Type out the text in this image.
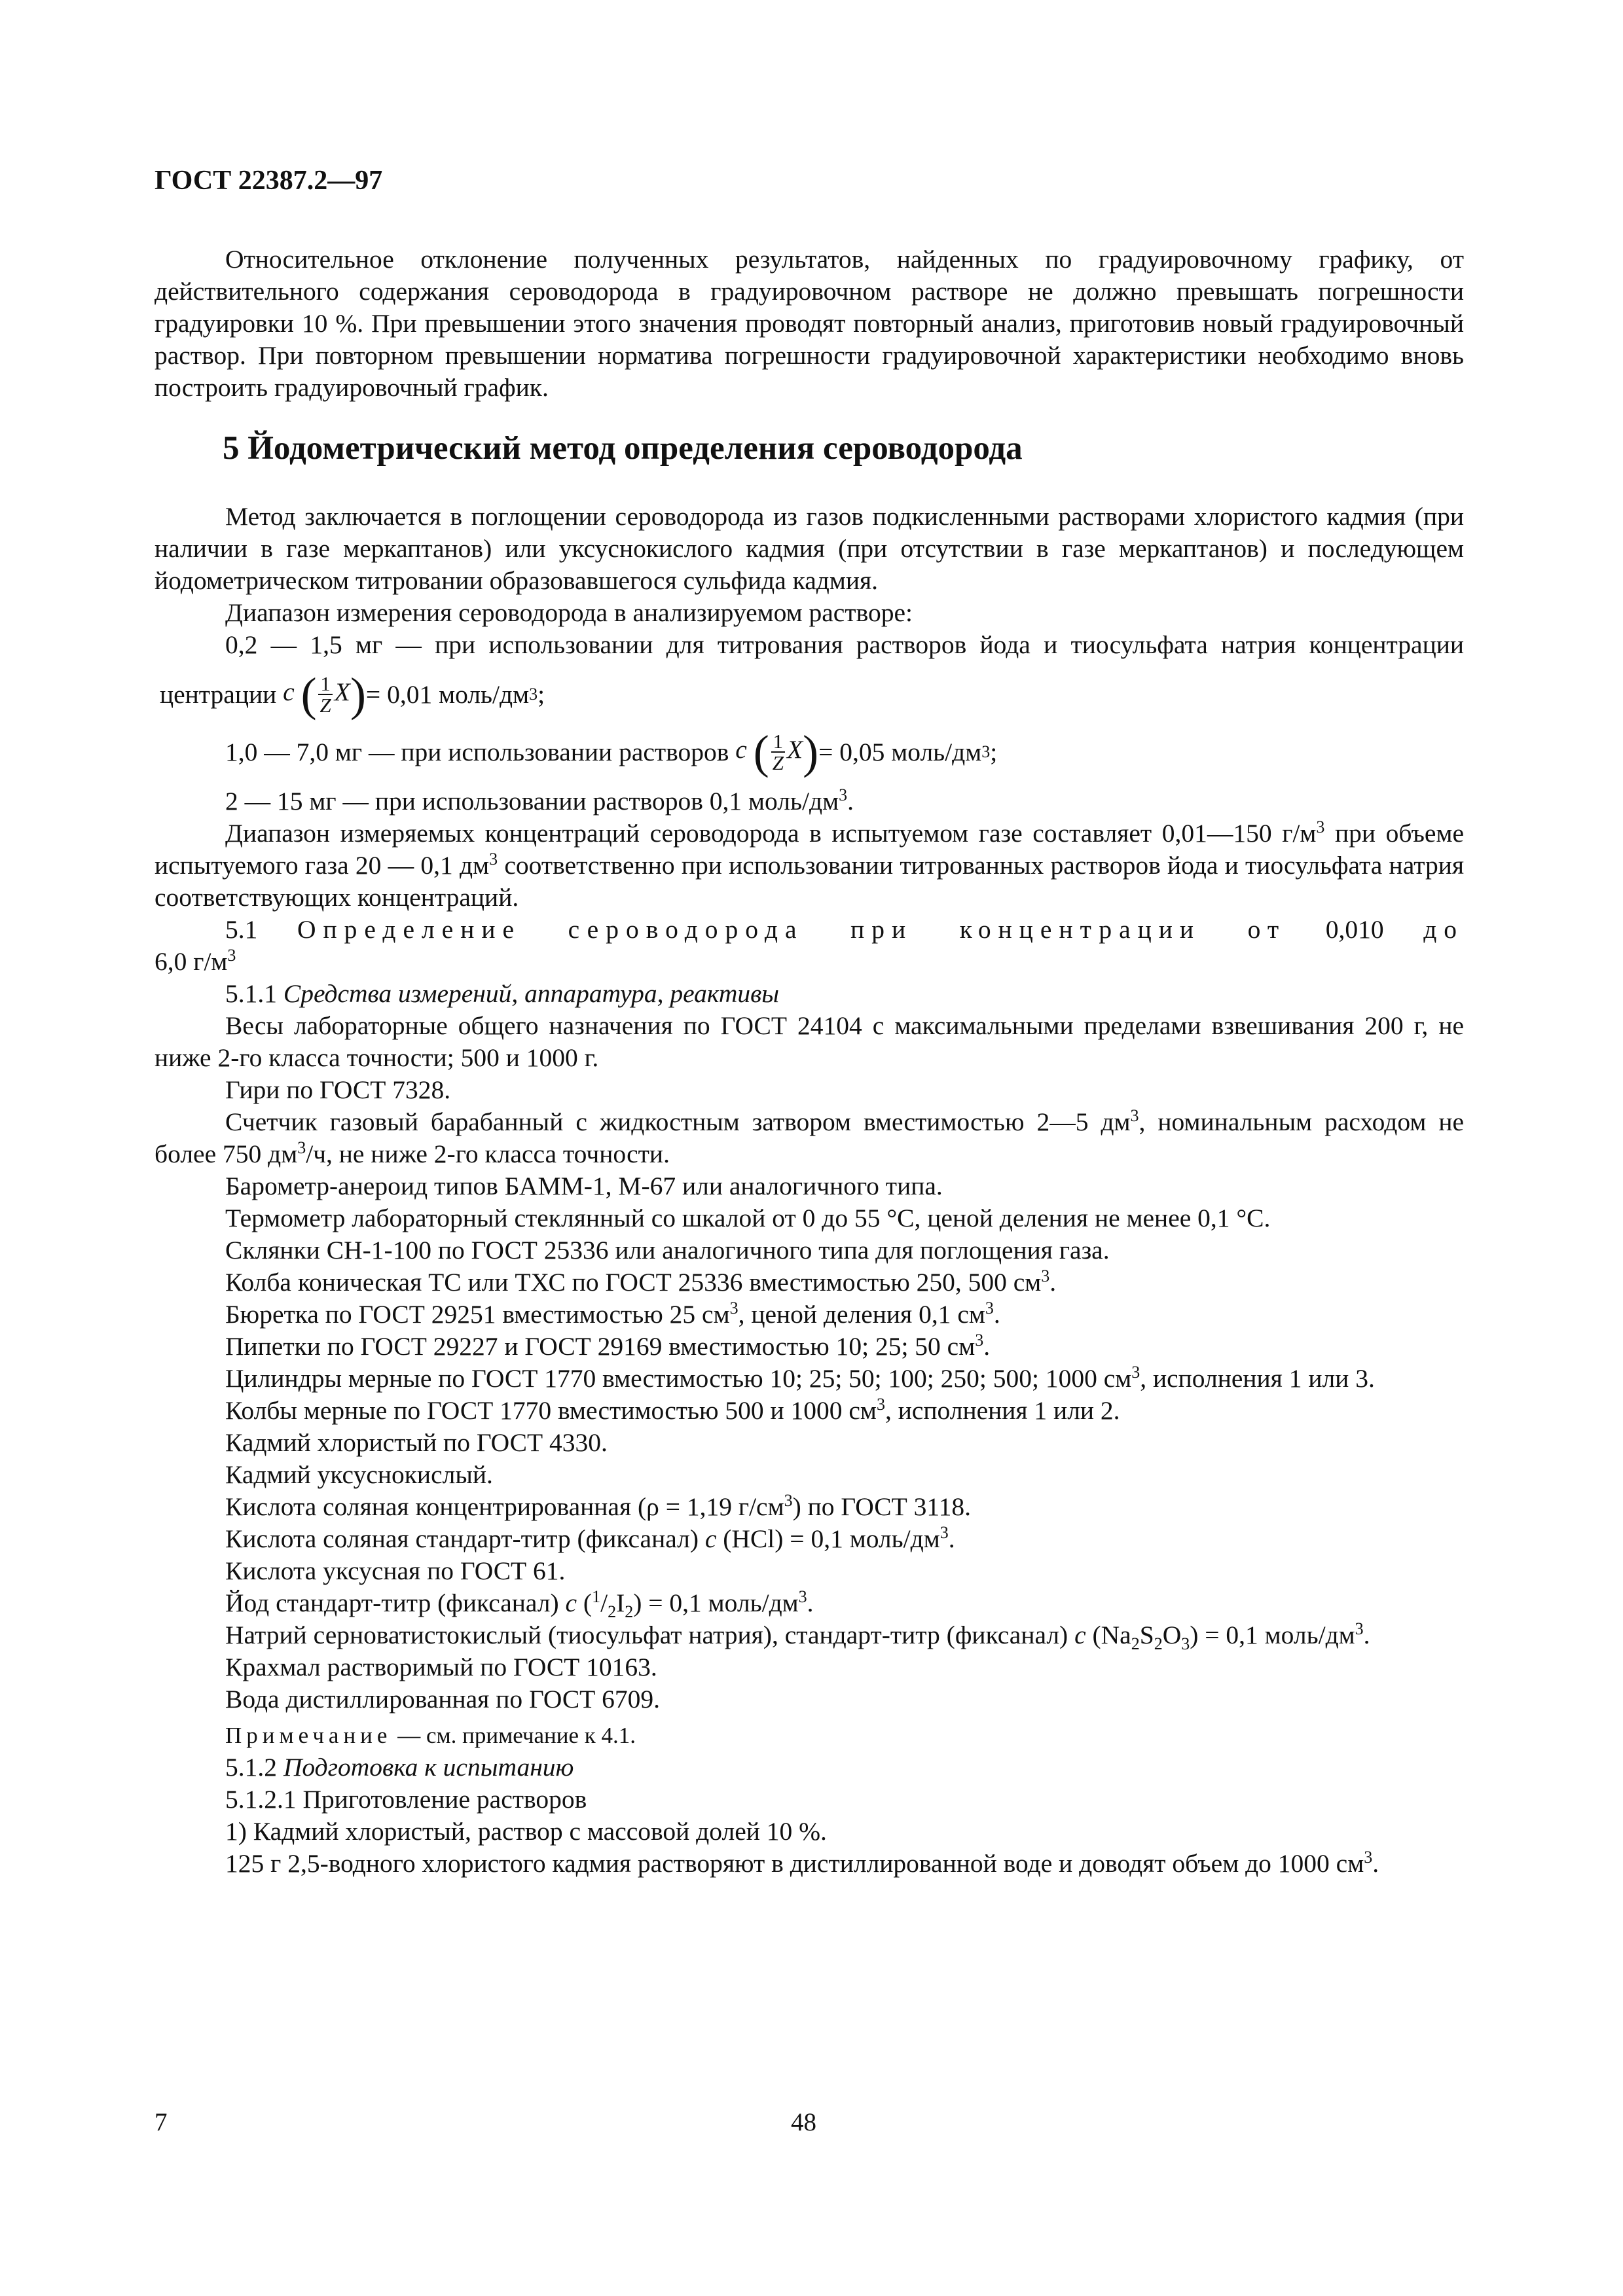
ГОСТ 22387.2—97

Относительное отклонение полученных результатов, найденных по градуировочному графику, от действительного содержания сероводорода в градуировочном растворе не должно превышать погрешности градуировки 10 %. При превышении этого значения проводят повторный анализ, приготовив новый градуировочный раствор. При повторном превышении норматива погрешности градуировочной характеристики необходимо вновь построить градуировочный график.

5 Йодометрический метод определения сероводорода

Метод заключается в поглощении сероводорода из газов подкисленными растворами хлористого кадмия (при наличии в газе меркаптанов) или уксуснокислого кадмия (при отсутствии в газе меркаптанов) и последующем йодометрическом титровании образовавшегося сульфида кадмия.

Диапазон измерения сероводорода в анализируемом растворе:

0,2 — 1,5 мг — при использовании для титрования растворов йода и тиосульфата натрия концентрации

центрации c ( $\frac{1}{Z} X) = 0,01$ моль/дм 3 ;
1,0 — 7,0 мг — при использовании растворов
c ( $\frac{1}{Z} X) = 0,05$ моль/дм 3 ;

2 — 15 мг — при использовании растворов 0,1 моль/$дм^3$.

Диапазон измеряемых концентраций сероводорода в испытуемом газе составляет 0,01—150 $г/м^3$ при объеме испытуемого газа 20 — 0,1 $дм^3$ соответственно при использовании титрованных растворов йода и тиосульфата натрия соответствующих концентраций.

5.1 Определение сероводорода при концентрации от 0,010 до

6,0 $г/м^3$

5.1.1 Средства измерений, аппаратура, реактивы

Весы лабораторные общего назначения по ГОСТ 24104 с максимальными пределами взвешивания 200 г, не ниже 2-го класса точности; 500 и 1000 г.

Гири по ГОСТ 7328.

Счетчик газовый барабанный с жидкостным затвором вместимостью 2—5 $дм^3$, номинальным расходом не более 750 $дм^3/ч$, не ниже 2-го класса точности.

Барометр-анероид типов БАММ-1, М-67 или аналогичного типа.

Термометр лабораторный стеклянный со шкалой от 0 до 55 °С, ценой деления не менее 0,1 °С.

Склянки СН-1-100 по ГОСТ 25336 или аналогичного типа для поглощения газа.

Колба коническая ТС или ТХС по ГОСТ 25336 вместимостью 250, 500 $см^3$.

Бюретка по ГОСТ 29251 вместимостью 25 $см^3$, ценой деления 0,1 $см^3$.

Пипетки по ГОСТ 29227 и ГОСТ 29169 вместимостью 10; 25; 50 $см^3$.

Цилиндры мерные по ГОСТ 1770 вместимостью 10; 25; 50; 100; 250; 500; 1000 $см^3$, исполнения 1 или 3.

Колбы мерные по ГОСТ 1770 вместимостью 500 и 1000 $см^3$, исполнения 1 или 2.

Кадмий хлористый по ГОСТ 4330.

Кадмий уксуснокислый.

Кислота соляная концентрированная (ρ = 1,19 $г/см^3$) по ГОСТ 3118.

Кислота соляная стандарт-титр (фиксанал) c (HCl) = 0,1 моль/$дм^3$.

Кислота уксусная по ГОСТ 61.

Йод стандарт-титр (фиксанал) c $(^1/_2I_2) = 0,1$ моль/$дм^3$.

Натрий серноватистокислый (тиосульфат натрия), стандарт-титр (фиксанал) c $(Na_2S_2O_3) = 0,1$ моль/$дм^3$.

Крахмал растворимый по ГОСТ 10163.

Вода дистиллированная по ГОСТ 6709.

Примечание — см. примечание к 4.1.

5.1.2 Подготовка к испытанию

5.1.2.1 Приготовление растворов

1) Кадмий хлористый, раствор с массовой долей 10 %.

125 г 2,5-водного хлористого кадмия растворяют в дистиллированной воде и доводят объем до 1000 $см^3$.

7	48
